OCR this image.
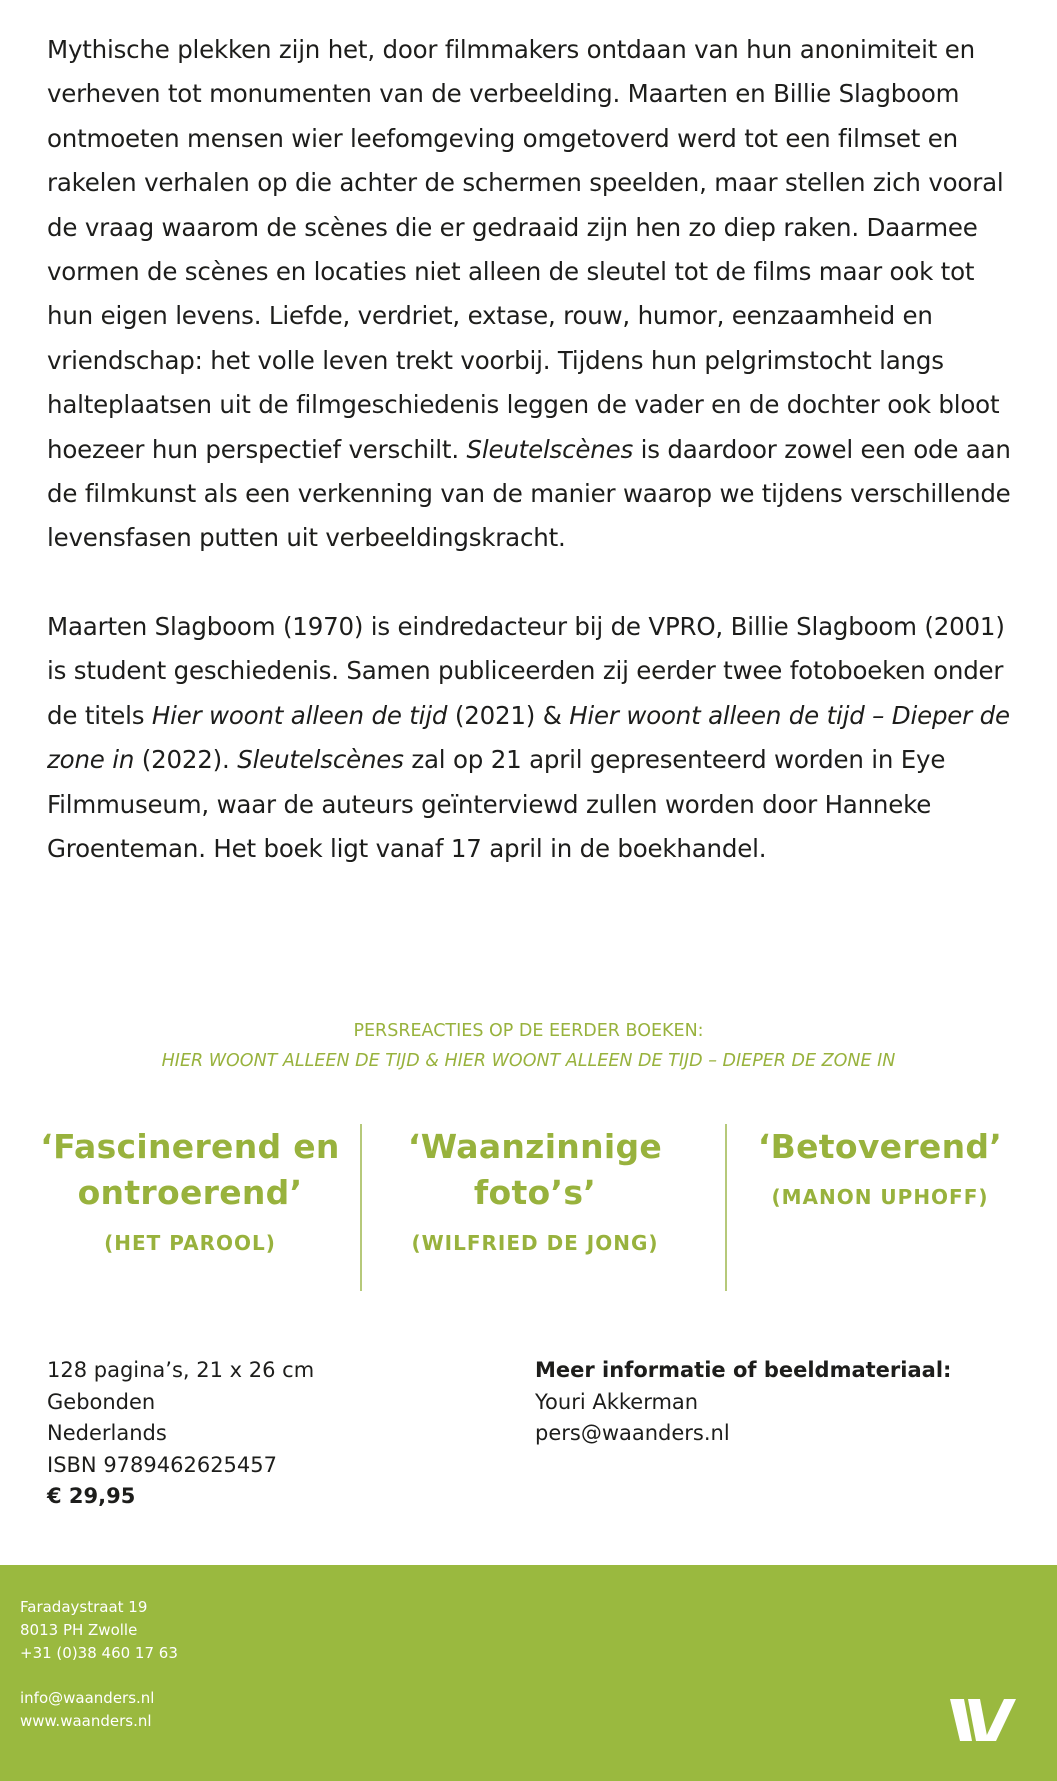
Mythische plekken zijn het, door filmmakers ontdaan van hun anonimiteit en verheven tot monumenten van de verbeelding. Maarten en Billie Slagboom ontmoeten mensen wier leefomgeving omgetoverd werd tot een filmset en rakelen verhalen op die achter de schermen speelden, maar stellen zich vooral de vraag waarom de scènes die er gedraaid zijn hen zo diep raken. Daarmee vormen de scènes en locaties niet alleen de sleutel tot de films maar ook tot hun eigen levens. Liefde, verdriet, extase, rouw, humor, eenzaamheid en vriendschap: het volle leven trekt voorbij. Tijdens hun pelgrimstocht langs halteplaatsen uit de filmgeschiedenis leggen de vader en de dochter ook bloot hoezeer hun perspectief verschilt. Sleutelscènes is daardoor zowel een ode aan de filmkunst als een verkenning van de manier waarop we tijdens verschillende levensfasen putten uit verbeeldingskracht.

Maarten Slagboom (1970) is eindredacteur bij de VPRO, Billie Slagboom (2001) is student geschiedenis. Samen publiceerden zij eerder twee fotoboeken onder de titels Hier woont alleen de tijd (2021) & Hier woont alleen de tijd – Dieper de zone in (2022). Sleutelscènes zal op 21 april gepresenteerd worden in Eye Filmmuseum, waar de auteurs geïnterviewd zullen worden door Hanneke Groenteman. Het boek ligt vanaf 17 april in de boekhandel.

PERSREACTIES OP DE EERDER BOEKEN:
HIER WOONT ALLEEN DE TIJD & HIER WOONT ALLEEN DE TIJD – DIEPER DE ZONE IN
‘Fascinerend en ontroerend’
(HET PAROOL)
‘Waanzinnige foto’s’
(WILFRIED DE JONG)
‘Betoverend’
(MANON UPHOFF)
128 pagina’s, 21 x 26 cm
Gebonden
Nederlands
ISBN 9789462625457
€ 29,95
Meer informatie of beeldmateriaal:
Youri Akkerman
pers@waanders.nl
Faradaystraat 19
8013 PH Zwolle
+31 (0)38 460 17 63
info@waanders.nl
www.waanders.nl
